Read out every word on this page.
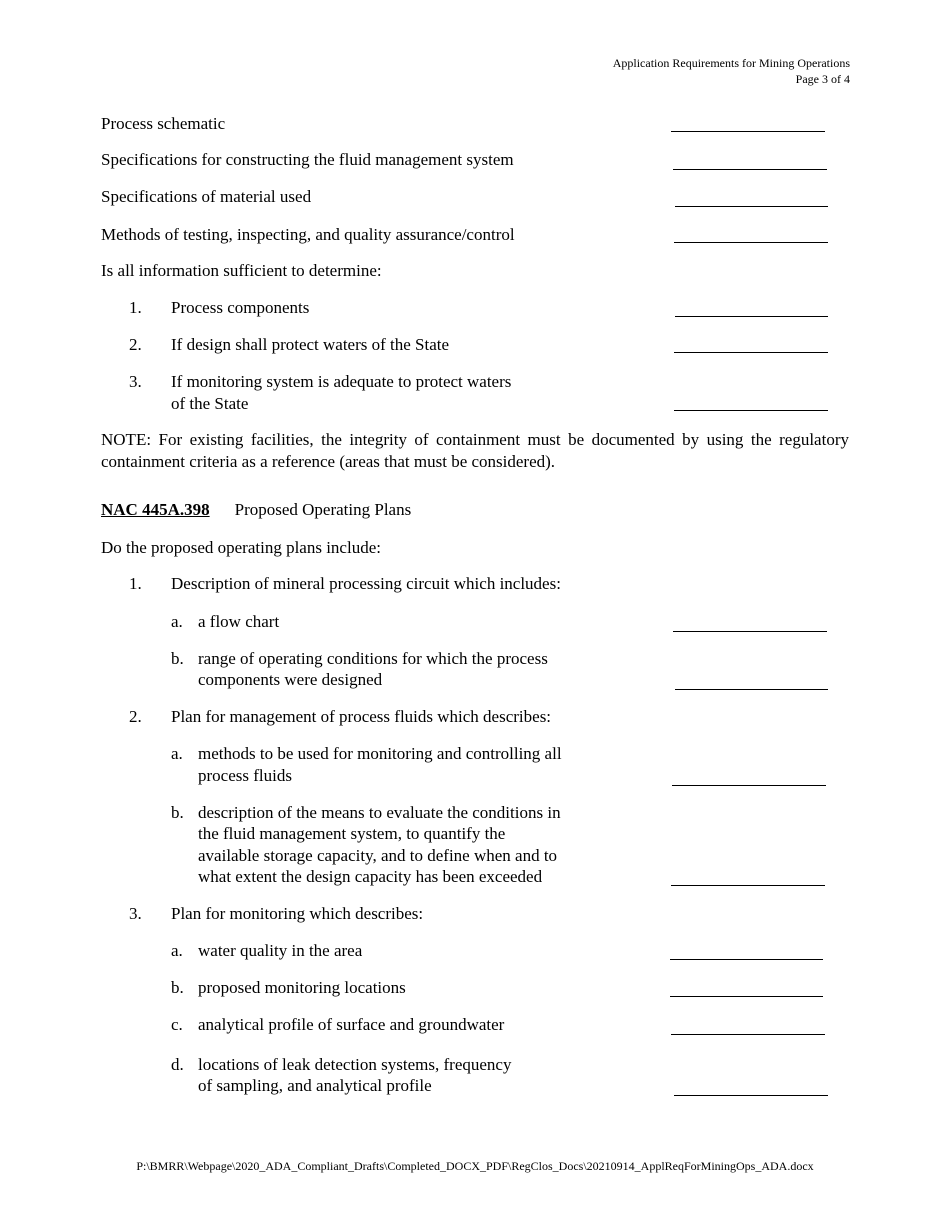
Application Requirements for Mining Operations
Page 3 of 4
Process schematic
Specifications for constructing the fluid management system
Specifications of material used
Methods of testing, inspecting, and quality assurance/control
Is all information sufficient to determine:
1. Process components
2. If design shall protect waters of the State
3. If monitoring system is adequate to protect waters
of the State
NOTE: For existing facilities, the integrity of containment must be documented by using the regulatory containment criteria as a reference (areas that must be considered).
NAC 445A.398 Proposed Operating Plans
Do the proposed operating plans include:
1. Description of mineral processing circuit which includes:
a. a flow chart
b. range of operating conditions for which the process
components were designed
2. Plan for management of process fluids which describes:
a. methods to be used for monitoring and controlling all
process fluids
b. description of the means to evaluate the conditions in
the fluid management system, to quantify the
available storage capacity, and to define when and to
what extent the design capacity has been exceeded
3. Plan for monitoring which describes:
a. water quality in the area
b. proposed monitoring locations
c. analytical profile of surface and groundwater
d. locations of leak detection systems, frequency
of sampling, and analytical profile
P:\BMRR\Webpage\2020_ADA_Compliant_Drafts\Completed_DOCX_PDF\RegClos_Docs\20210914_ApplReqForMiningOps_ADA.docx
